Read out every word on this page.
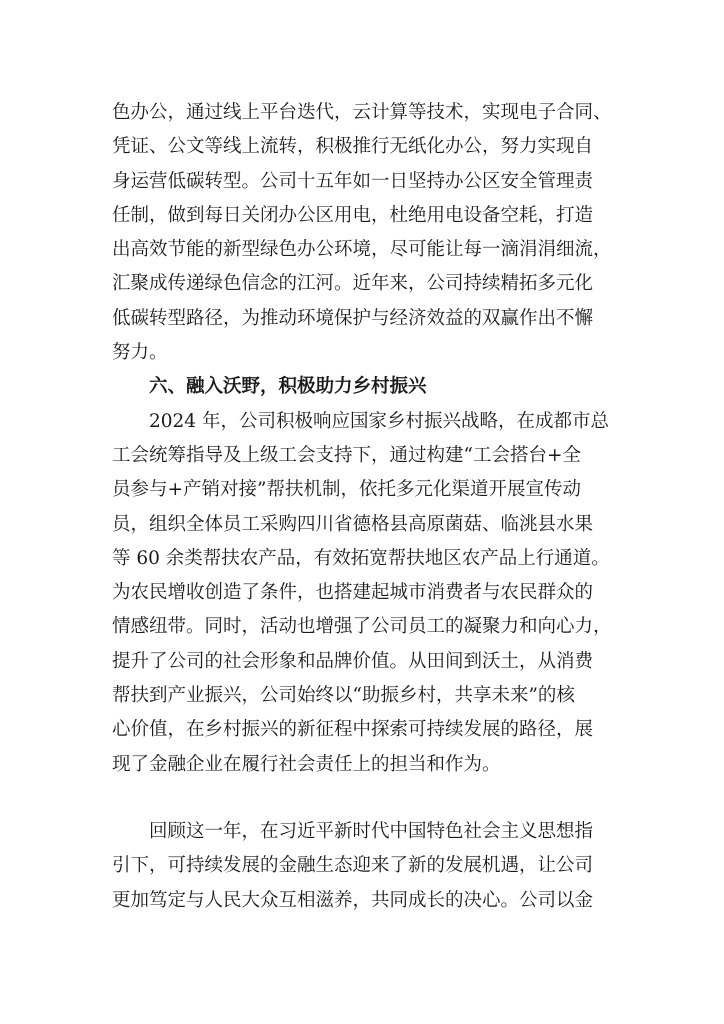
色办公，通过线上平台迭代，云计算等技术，实现电子合同、
凭证、公文等线上流转，积极推行无纸化办公，努力实现自
身运营低碳转型。公司十五年如一日坚持办公区安全管理责
任制，做到每日关闭办公区用电，杜绝用电设备空耗，打造
出高效节能的新型绿色办公环境，尽可能让每一滴涓涓细流，
汇聚成传递绿色信念的江河。近年来，公司持续精拓多元化
低碳转型路径，为推动环境保护与经济效益的双赢作出不懈
努力。
六、融入沃野，积极助力乡村振兴
2024 年，公司积极响应国家乡村振兴战略，在成都市总
工会统筹指导及上级工会支持下，通过构建“工会搭台+全
员参与+产销对接”帮扶机制，依托多元化渠道开展宣传动
员，组织全体员工采购四川省德格县高原菌菇、临洮县水果
等 60 余类帮扶农产品，有效拓宽帮扶地区农产品上行通道。
为农民增收创造了条件，也搭建起城市消费者与农民群众的
情感纽带。同时，活动也增强了公司员工的凝聚力和向心力，
提升了公司的社会形象和品牌价值。从田间到沃土，从消费
帮扶到产业振兴，公司始终以“助振乡村，共享未来”的核
心价值，在乡村振兴的新征程中探索可持续发展的路径，展
现了金融企业在履行社会责任上的担当和作为。
回顾这一年，在习近平新时代中国特色社会主义思想指
引下，可持续发展的金融生态迎来了新的发展机遇，让公司
更加笃定与人民大众互相滋养，共同成长的决心。公司以金
